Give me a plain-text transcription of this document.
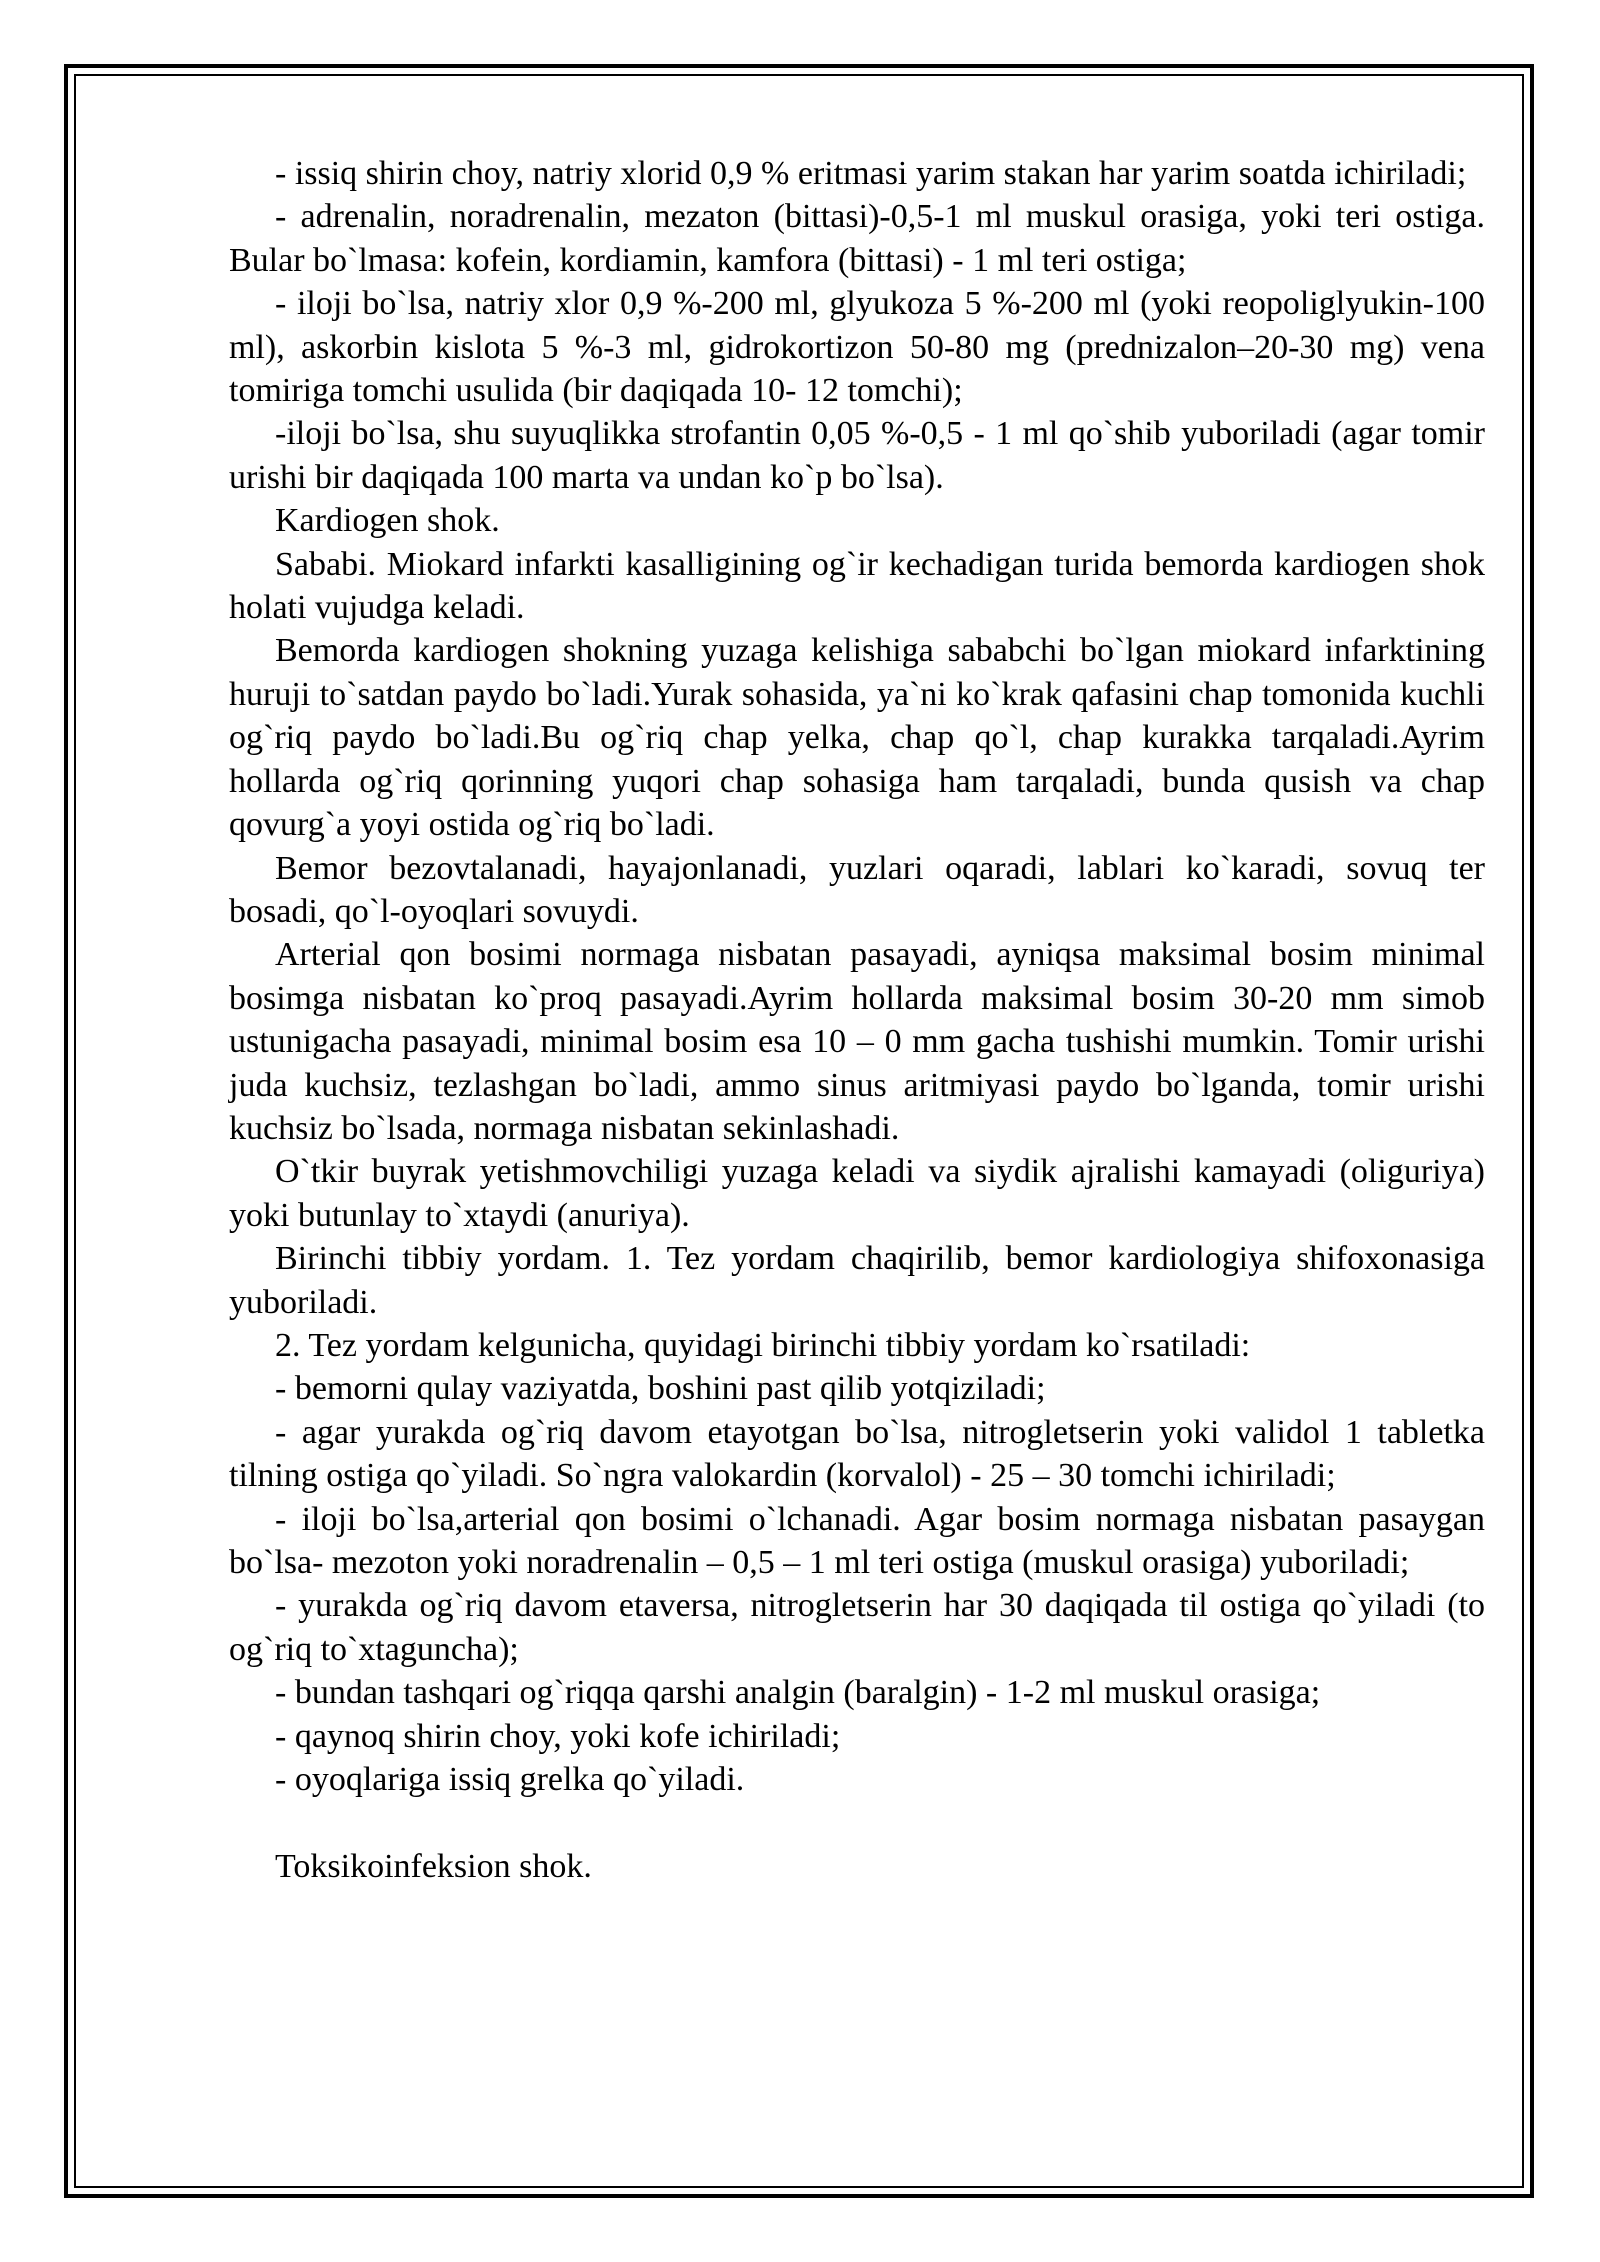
- issiq shirin choy, natriy xlorid 0,9 % eritmasi yarim stakan har yarim soatda ichiriladi;

- adrenalin, noradrenalin, mezaton (bittasi)-0,5-1 ml muskul orasiga, yoki teri ostiga. Bular bo`lmasa: kofein, kordiamin, kamfora (bittasi) - 1 ml teri ostiga;

- iloji bo`lsa, natriy xlor 0,9 %-200 ml, glyukoza 5 %-200 ml (yoki reopoliglyukin-100 ml), askorbin kislota 5 %-3 ml, gidrokortizon 50-80 mg (prednizalon–20-30 mg) vena tomiriga tomchi usulida (bir daqiqada 10- 12 tomchi);

-iloji bo`lsa, shu suyuqlikka strofantin 0,05 %-0,5 - 1 ml qo`shib yuboriladi (agar tomir urishi bir daqiqada 100 marta va undan ko`p bo`lsa).

Kardiogen shok.

Sababi. Miokard infarkti kasalligining og`ir kechadigan turida bemorda kardiogen shok holati vujudga keladi.

Bemorda kardiogen shokning yuzaga kelishiga sababchi bo`lgan miokard infarktining huruji to`satdan paydo bo`ladi.Yurak sohasida, ya`ni ko`krak qafasini chap tomonida kuchli og`riq paydo bo`ladi.Bu og`riq chap yelka, chap qo`l, chap kurakka tarqaladi.Ayrim hollarda og`riq qorinning yuqori chap sohasiga ham tarqaladi, bunda qusish va chap qovurg`a yoyi ostida og`riq bo`ladi.

Bemor bezovtalanadi, hayajonlanadi, yuzlari oqaradi, lablari ko`karadi, sovuq ter bosadi, qo`l-oyoqlari sovuydi.

Arterial qon bosimi normaga nisbatan pasayadi, ayniqsa maksimal bosim minimal bosimga nisbatan ko`proq pasayadi.Ayrim hollarda maksimal bosim 30-20 mm simob ustunigacha pasayadi, minimal bosim esa 10 – 0 mm gacha tushishi mumkin. Tomir urishi juda kuchsiz, tezlashgan bo`ladi, ammo sinus aritmiyasi paydo bo`lganda, tomir urishi kuchsiz bo`lsada, normaga nisbatan sekinlashadi.

O`tkir buyrak yetishmovchiligi yuzaga keladi va siydik ajralishi kamayadi (oliguriya) yoki butunlay to`xtaydi (anuriya).

Birinchi tibbiy yordam. 1. Tez yordam chaqirilib, bemor kardiologiya shifoxonasiga yuboriladi.

2. Tez yordam kelgunicha, quyidagi birinchi tibbiy yordam ko`rsatiladi:

- bemorni qulay vaziyatda, boshini past qilib yotqiziladi;

- agar yurakda og`riq davom etayotgan bo`lsa, nitrogletserin yoki validol 1 tabletka tilning ostiga qo`yiladi. So`ngra valokardin (korvalol) - 25 – 30 tomchi ichiriladi;

- iloji bo`lsa,arterial qon bosimi o`lchanadi. Agar bosim normaga nisbatan pasaygan bo`lsa- mezoton yoki noradrenalin – 0,5 – 1 ml teri ostiga (muskul orasiga) yuboriladi;

- yurakda og`riq davom etaversa, nitrogletserin har 30 daqiqada til ostiga qo`yiladi (to og`riq to`xtaguncha);

- bundan tashqari og`riqqa qarshi analgin (baralgin) - 1-2 ml muskul orasiga;

- qaynoq shirin choy, yoki kofe ichiriladi;

- oyoqlariga issiq grelka qo`yiladi.

Toksikoinfeksion shok.
